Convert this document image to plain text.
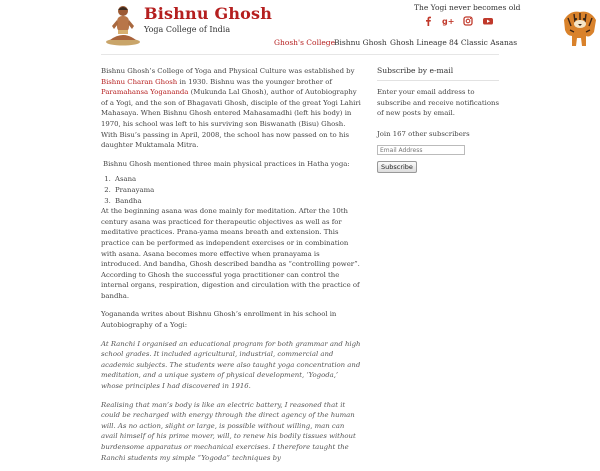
Bishnu Ghosh
Yoga College of India
The Yogi never becomes old
g+
Ghosh's College
Bishnu Ghosh Ghosh Lineage 84 Classic Asanas

Bishnu Ghosh’s College of Yoga and Physical Culture was established by Bishnu Charan Ghosh in 1930. Bishnu was the younger brother of Paramahansa Yogananda (Mukunda Lal Ghosh), author of Autobiography of a Yogi, and the son of Bhagavati Ghosh, disciple of the great Yogi Lahiri Mahasaya. When Bishnu Ghosh entered Mahasamadhi (left his body) in 1970, his school was left to his surviving son Biswanath (Bisu) Ghosh. With Bisu’s passing in April, 2008, the school has now passed on to his daughter Muktamala Mitra.

Bishnu Ghosh mentioned three main physical practices in Hatha yoga:

1. Asana
2. Pranayama
3. Bandha

At the beginning asana was done mainly for meditation. After the 10th century asana was practiced for therapeutic objectives as well as for meditative practices. Prana-yama means breath and extension. This practice can be performed as independent exercises or in combination with asana. Asana becomes more effective when pranayama is introduced. And bandha, Ghosh described bandha as “controlling power”. According to Ghosh the successful yoga practitioner can control the internal organs, respiration, digestion and circulation with the practice of bandha.

Yogananda writes about Bishnu Ghosh’s enrollment in his school in Autobiography of a Yogi:

At Ranchi I organised an educational program for both grammar and high school grades. It included agricultural, industrial, commercial and academic subjects. The students were also taught yoga concentration and meditation, and a unique system of physical development, ‘Yogoda,’ whose principles I had discovered in 1916.

Realising that man’s body is like an electric battery, I reasoned that it could be recharged with energy through the direct agency of the human will. As no action, slight or large, is possible without willing, man can avail himself of his prime mover, will, to renew his bodily tissues without burdensome apparatus or mechanical exercises. I therefore taught the Ranchi students my simple “Yogoda” techniques by

Subscribe by e-mail
Enter your email address to subscribe and receive notifications of new posts by email.
Join 167 other subscribers
Email Address Subscribe
